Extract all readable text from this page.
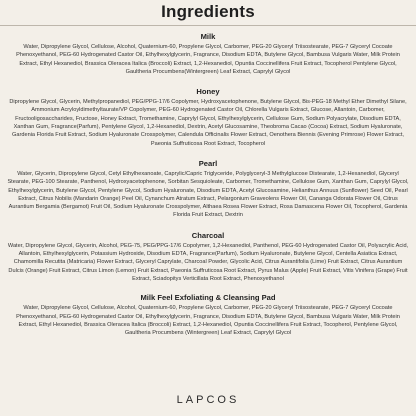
Ingredients
Milk
Water, Dipropylene Glycol, Cellulose, Alcohol, Quaternium-60, Propylene Glycol, Carbomer, PEG-20 Glyceryl Triisostearate, PEG-7 Glyceryl Cocoate Phenoxyethanol, PEG-60 Hydrogenated Castor Oil, Ethylhexylglycerin, Fragrance, Disodium EDTA, Butylene Glycol, Bambusa Vulgaris Water, Milk Protein Extract, Ethyl Hexanediol, Brassica Oleracea Italica (Broccoli) Extract, 1,2-Hexanediol, Opuntia Coccinellifera Fruit Extract, Tocopherol Pentylene Glycol, Gaultheria Procumbens(Wintergreen) Leaf Extract, Caprylyl Glycol
Honey
Dipropylene Glycol, Glycerin, Methylpropanediol, PEG/PPG-17/6 Copolymer, Hydroxyacetophenone, Butylene Glycol, Bis-PEG-18 Methyl Ether Dimethyl Silane, Ammonium Acryloyldimethyltaurate/VP Copolymer, PEG-60 Hydrogenated Castor Oil, Chlorella Vulgaris Extract, Glucose, Allantoin, Carbomer, Fructooligosaccharides, Fructose, Honey Extract, Tromethamine, Caprylyl Glycol, Ethylhexylglycerin, Cellulose Gum, Sodium Polyacrylate, Disodium EDTA, Xanthan Gum, Fragrance(Parfum), Pentylene Glycol, 1,2-Hexanediol, Dextrin, Acetyl Glucosamine, Theobroma Cacao (Cocoa) Extract, Sodium Hyaluronate, Gardenia Florida Fruit Extract, Sodium Hyaluronate Crosspolymer, Calendula Officinalis Flower Extract, Oenothera Biennis (Evening Primrose) Flower Extract, Paeonia Suffruticosa Root Extract, Tocopherol
Pearl
Water, Glycerin, Dipropylene Glycol, Cetyl Ethylhexanoate, Caprylic/Capric Triglyceride, Polyglyceryl-3 Methylglucose Distearate, 1,2-Hexanediol, Glyceryl Stearate, PEG-100 Stearate, Panthenol, Hydroxyacetophenone, Sorbitan Sesquioleate, Carbomer, Tromethamine, Cellulose Gum, Xanthan Gum, Caprylyl Glycol, Ethylhexylglycerin, Butylene Glycol, Pentylene Glycol, Sodium Hyaluronate, Disodium EDTA, Acetyl Glucosamine, Helianthus Annuus (Sunflower) Seed Oil, Pearl Extract, Citrus Nobilis (Mandarin Orange) Peel Oil, Cynanchum Atratum Extract, Pelargonium Graveolens Flower Oil, Cananga Odorata Flower Oil, Citrus Aurantium Bergamia (Bergamot) Fruit Oil, Sodium Hyaluronate Crosspolymer, Althaea Rosea Flower Extract, Rosa Damascena Flower Oil, Tocopherol, Gardenia Florida Fruit Extract, Dextrin
Charcoal
Water, Dipropylene Glycol, Glycerin, Alcohol, PEG-75, PEG/PPG-17/6 Copolymer, 1,2-Hexanediol, Panthenol, PEG-60 Hydrogenated Castor Oil, Polyacrylic Acid, Allantoin, Ethylhexylglycerin, Potassium Hydroxide, Disodium EDTA, Fragrance(Parfum), Sodium Hyaluronate, Butylene Glycol, Centella Asiatica Extract, Chamomilla Recutita (Matricaria) Flower Extract, Glyceryl Caprylate, Charcoal Powder, Glycolic Acid, Citrus Aurantifolia (Lime) Fruit Extract, Citrus Aurantium Dulcis (Orange) Fruit Extract, Citrus Limon (Lemon) Fruit Extract, Paeonia Suffruticosa Root Extract, Pyrus Malus (Apple) Fruit Extract, Vitis Vinifera (Grape) Fruit Extract, Sciadopitys Verticillata Root Extract, Phenoxyethanol
Milk Feel Exfoliating & Cleansing Pad
Water, Dipropylene Glycol, Cellulose, Alcohol, Quaternium-60, Propylene Glycol, Carbomer, PEG-20 Glyceryl Triisostearate, PEG-7 Glyceryl Cocoate Phenoxyethanol, PEG-60 Hydrogenated Castor Oil, Ethylhexylglycerin, Fragrance, Disodium EDTA, Butylene Glycol, Bambusa Vulgaris Water, Milk Protein Extract, Ethyl Hexanediol, Brassica Oleracea Italica (Broccoli) Extract, 1,2-Hexanediol, Opuntia Coccinellifera Fruit Extract, Tocopherol, Pentylene Glycol, Gaultheria Procumbens (Wintergreen) Leaf Extract, Caprylyl Glycol
LAPCOS
